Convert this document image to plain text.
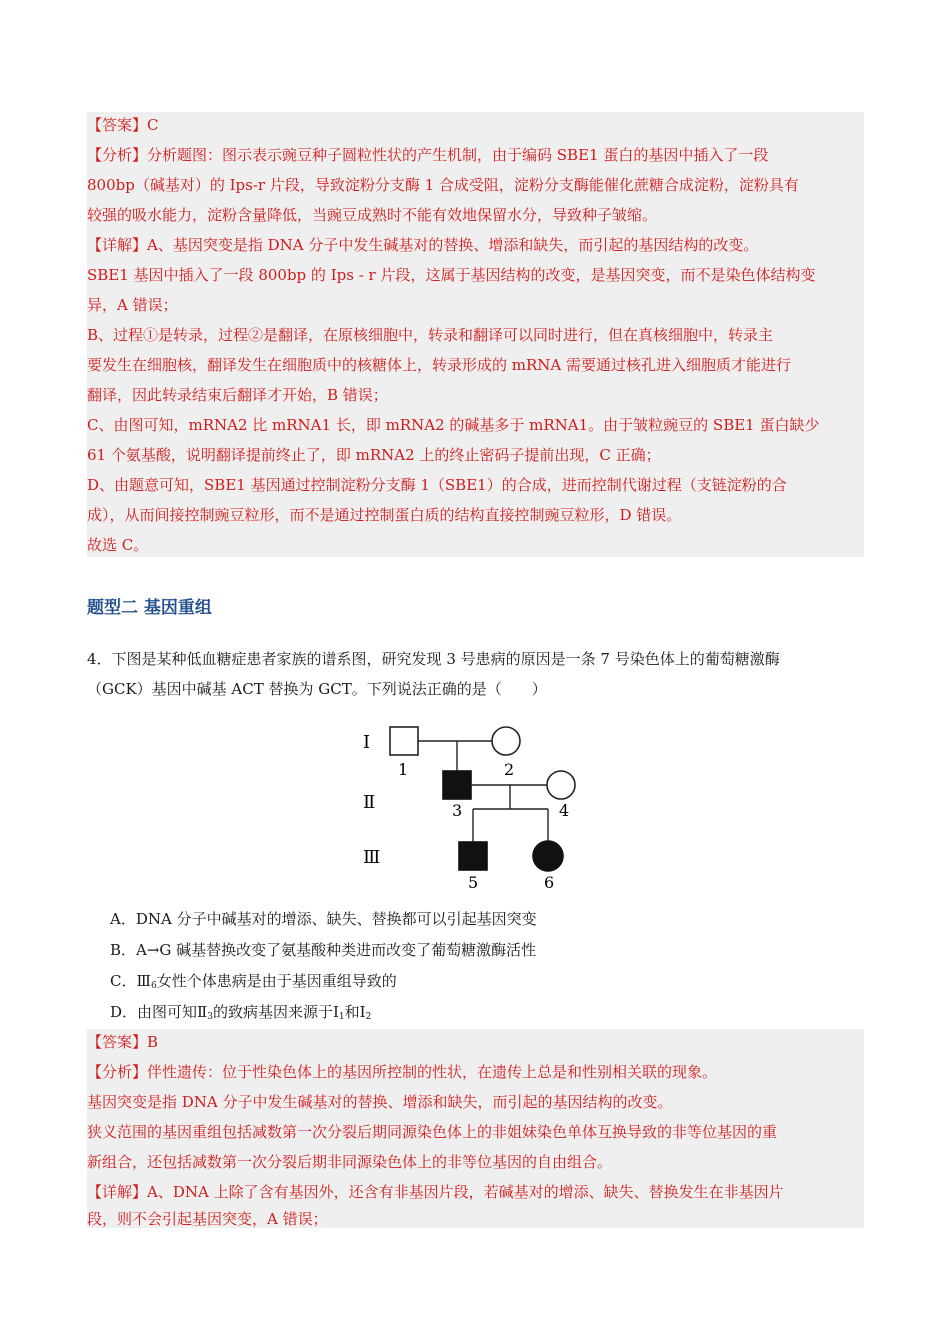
【答案】C
【分析】分析题图：图示表示豌豆种子圆粒性状的产生机制，由于编码 SBE1 蛋白的基因中插入了一段
800bp（碱基对）的 Ips-r 片段，导致淀粉分支酶 1 合成受阻，淀粉分支酶能催化蔗糖合成淀粉，淀粉具有
较强的吸水能力，淀粉含量降低，当豌豆成熟时不能有效地保留水分，导致种子皱缩。
【详解】A、基因突变是指 DNA 分子中发生碱基对的替换、增添和缺失，而引起的基因结构的改变。
SBE1 基因中插入了一段 800bp 的 Ips - r 片段，这属于基因结构的改变，是基因突变，而不是染色体结构变
异，A 错误；
B、过程①是转录，过程②是翻译，在原核细胞中，转录和翻译可以同时进行，但在真核细胞中，转录主
要发生在细胞核，翻译发生在细胞质中的核糖体上，转录形成的 mRNA 需要通过核孔进入细胞质才能进行
翻译，因此转录结束后翻译才开始，B 错误；
C、由图可知，mRNA2 比 mRNA1 长，即 mRNA2 的碱基多于 mRNA1。由于皱粒豌豆的 SBE1 蛋白缺少
61 个氨基酸，说明翻译提前终止了，即 mRNA2 上的终止密码子提前出现，C 正确；
D、由题意可知，SBE1 基因通过控制淀粉分支酶 1（SBE1）的合成，进而控制代谢过程（支链淀粉的合
成），从而间接控制豌豆粒形，而不是通过控制蛋白质的结构直接控制豌豆粒形，D 错误。
故选 C。
题型二 基因重组
4．下图是某种低血糖症患者家族的谱系图，研究发现 3 号患病的原因是一条 7 号染色体上的葡萄糖激酶
（GCK）基因中碱基 ACT 替换为 GCT。下列说法正确的是（　　）
Ⅰ
Ⅱ
Ⅲ
1	2
3	4
5	6
A．DNA 分子中碱基对的增添、缺失、替换都可以引起基因突变
B．A→G 碱基替换改变了氨基酸种类进而改变了葡萄糖激酶活性
C．$Ⅲ_6$女性个体患病是由于基因重组导致的
D．由图可知$Ⅱ_3$的致病基因来源于$Ⅰ_1$和$Ⅰ_2$
【答案】B
【分析】伴性遗传：位于性染色体上的基因所控制的性状，在遗传上总是和性别相关联的现象。
基因突变是指 DNA 分子中发生碱基对的替换、增添和缺失，而引起的基因结构的改变。
狭义范围的基因重组包括减数第一次分裂后期同源染色体上的非姐妹染色单体互换导致的非等位基因的重
新组合，还包括减数第一次分裂后期非同源染色体上的非等位基因的自由组合。
【详解】A、DNA 上除了含有基因外，还含有非基因片段，若碱基对的增添、缺失、替换发生在非基因片
段，则不会引起基因突变，A 错误；
